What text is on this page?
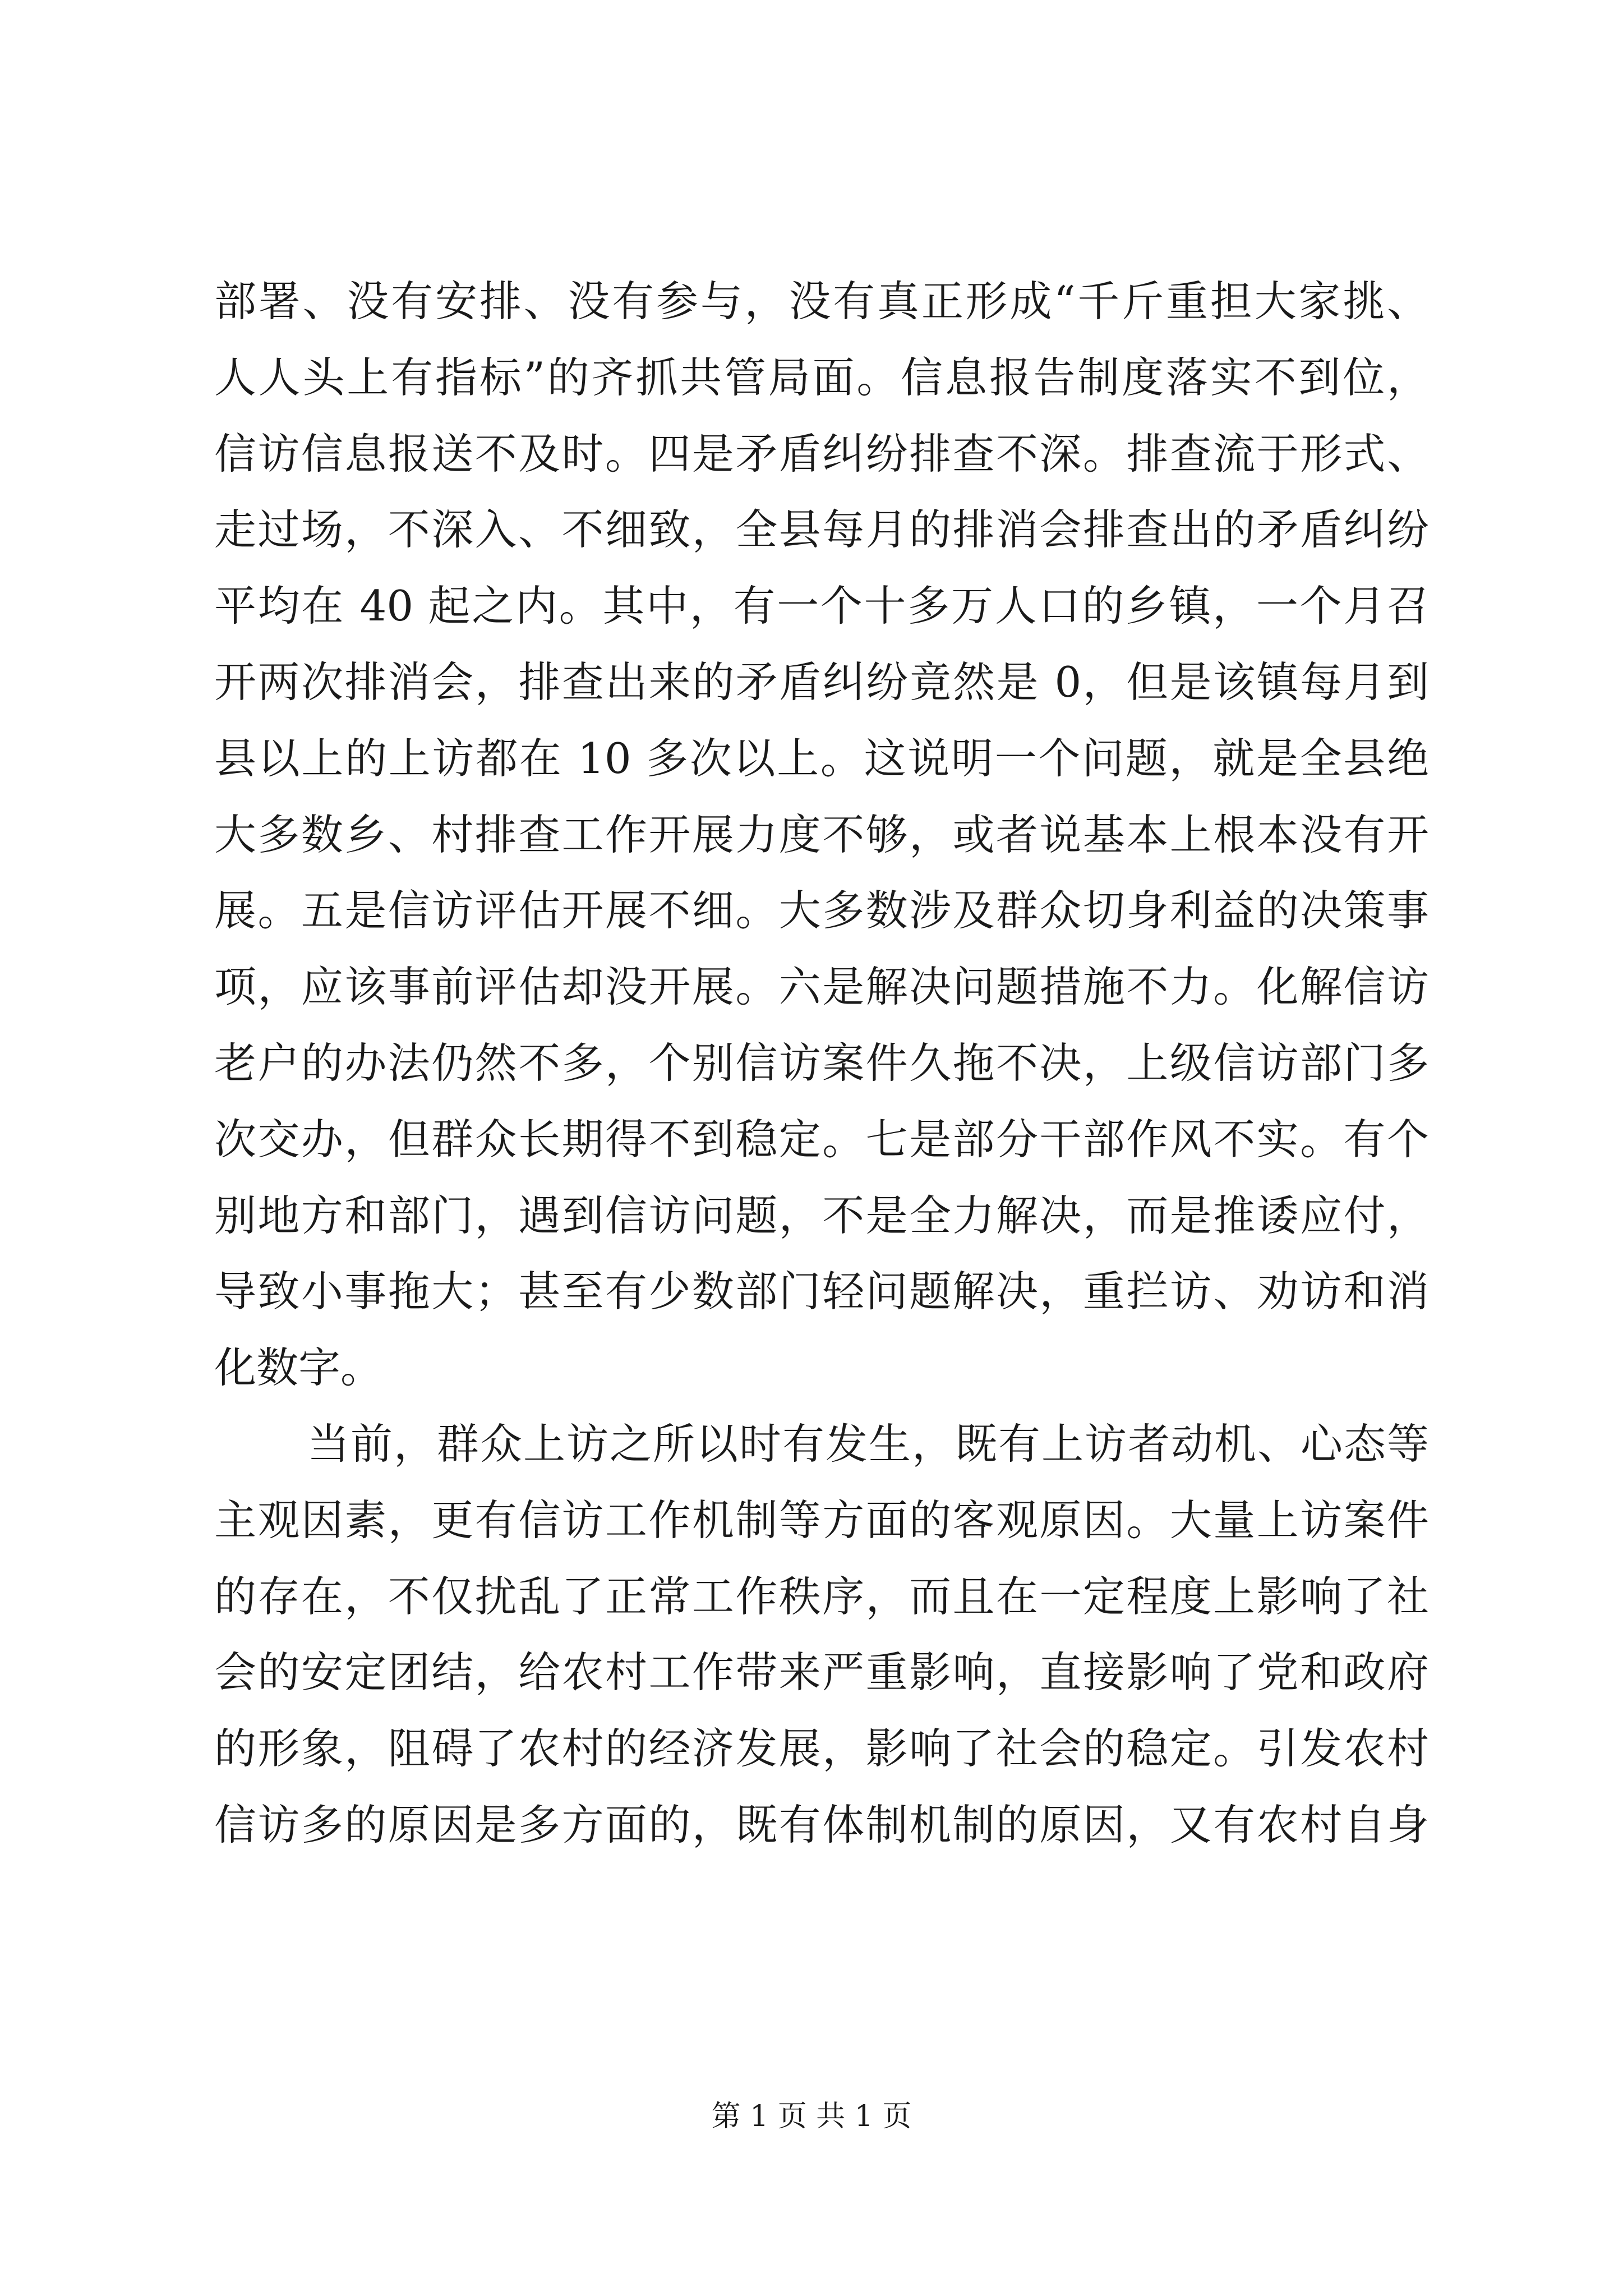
部署、没有安排、没有参与，没有真正形成“千斤重担大家挑、
人人头上有指标”的齐抓共管局面。信息报告制度落实不到位，
信访信息报送不及时。四是矛盾纠纷排查不深。排查流于形式、
走过场，不深入、不细致，全县每月的排消会排查出的矛盾纠纷
平均在 40 起之内。其中，有一个十多万人口的乡镇，一个月召
开两次排消会，排查出来的矛盾纠纷竟然是 0，但是该镇每月到
县以上的上访都在 10 多次以上。这说明一个问题，就是全县绝
大多数乡、村排查工作开展力度不够，或者说基本上根本没有开
展。五是信访评估开展不细。大多数涉及群众切身利益的决策事
项，应该事前评估却没开展。六是解决问题措施不力。化解信访
老户的办法仍然不多，个别信访案件久拖不决，上级信访部门多
次交办，但群众长期得不到稳定。七是部分干部作风不实。有个
别地方和部门，遇到信访问题，不是全力解决，而是推诿应付，
导致小事拖大；甚至有少数部门轻问题解决，重拦访、劝访和消
化数字。
当前，群众上访之所以时有发生，既有上访者动机、心态等
主观因素，更有信访工作机制等方面的客观原因。大量上访案件
的存在，不仅扰乱了正常工作秩序，而且在一定程度上影响了社
会的安定团结，给农村工作带来严重影响，直接影响了党和政府
的形象，阻碍了农村的经济发展，影响了社会的稳定。引发农村
信访多的原因是多方面的，既有体制机制的原因，又有农村自身
第 1 页 共 1 页
